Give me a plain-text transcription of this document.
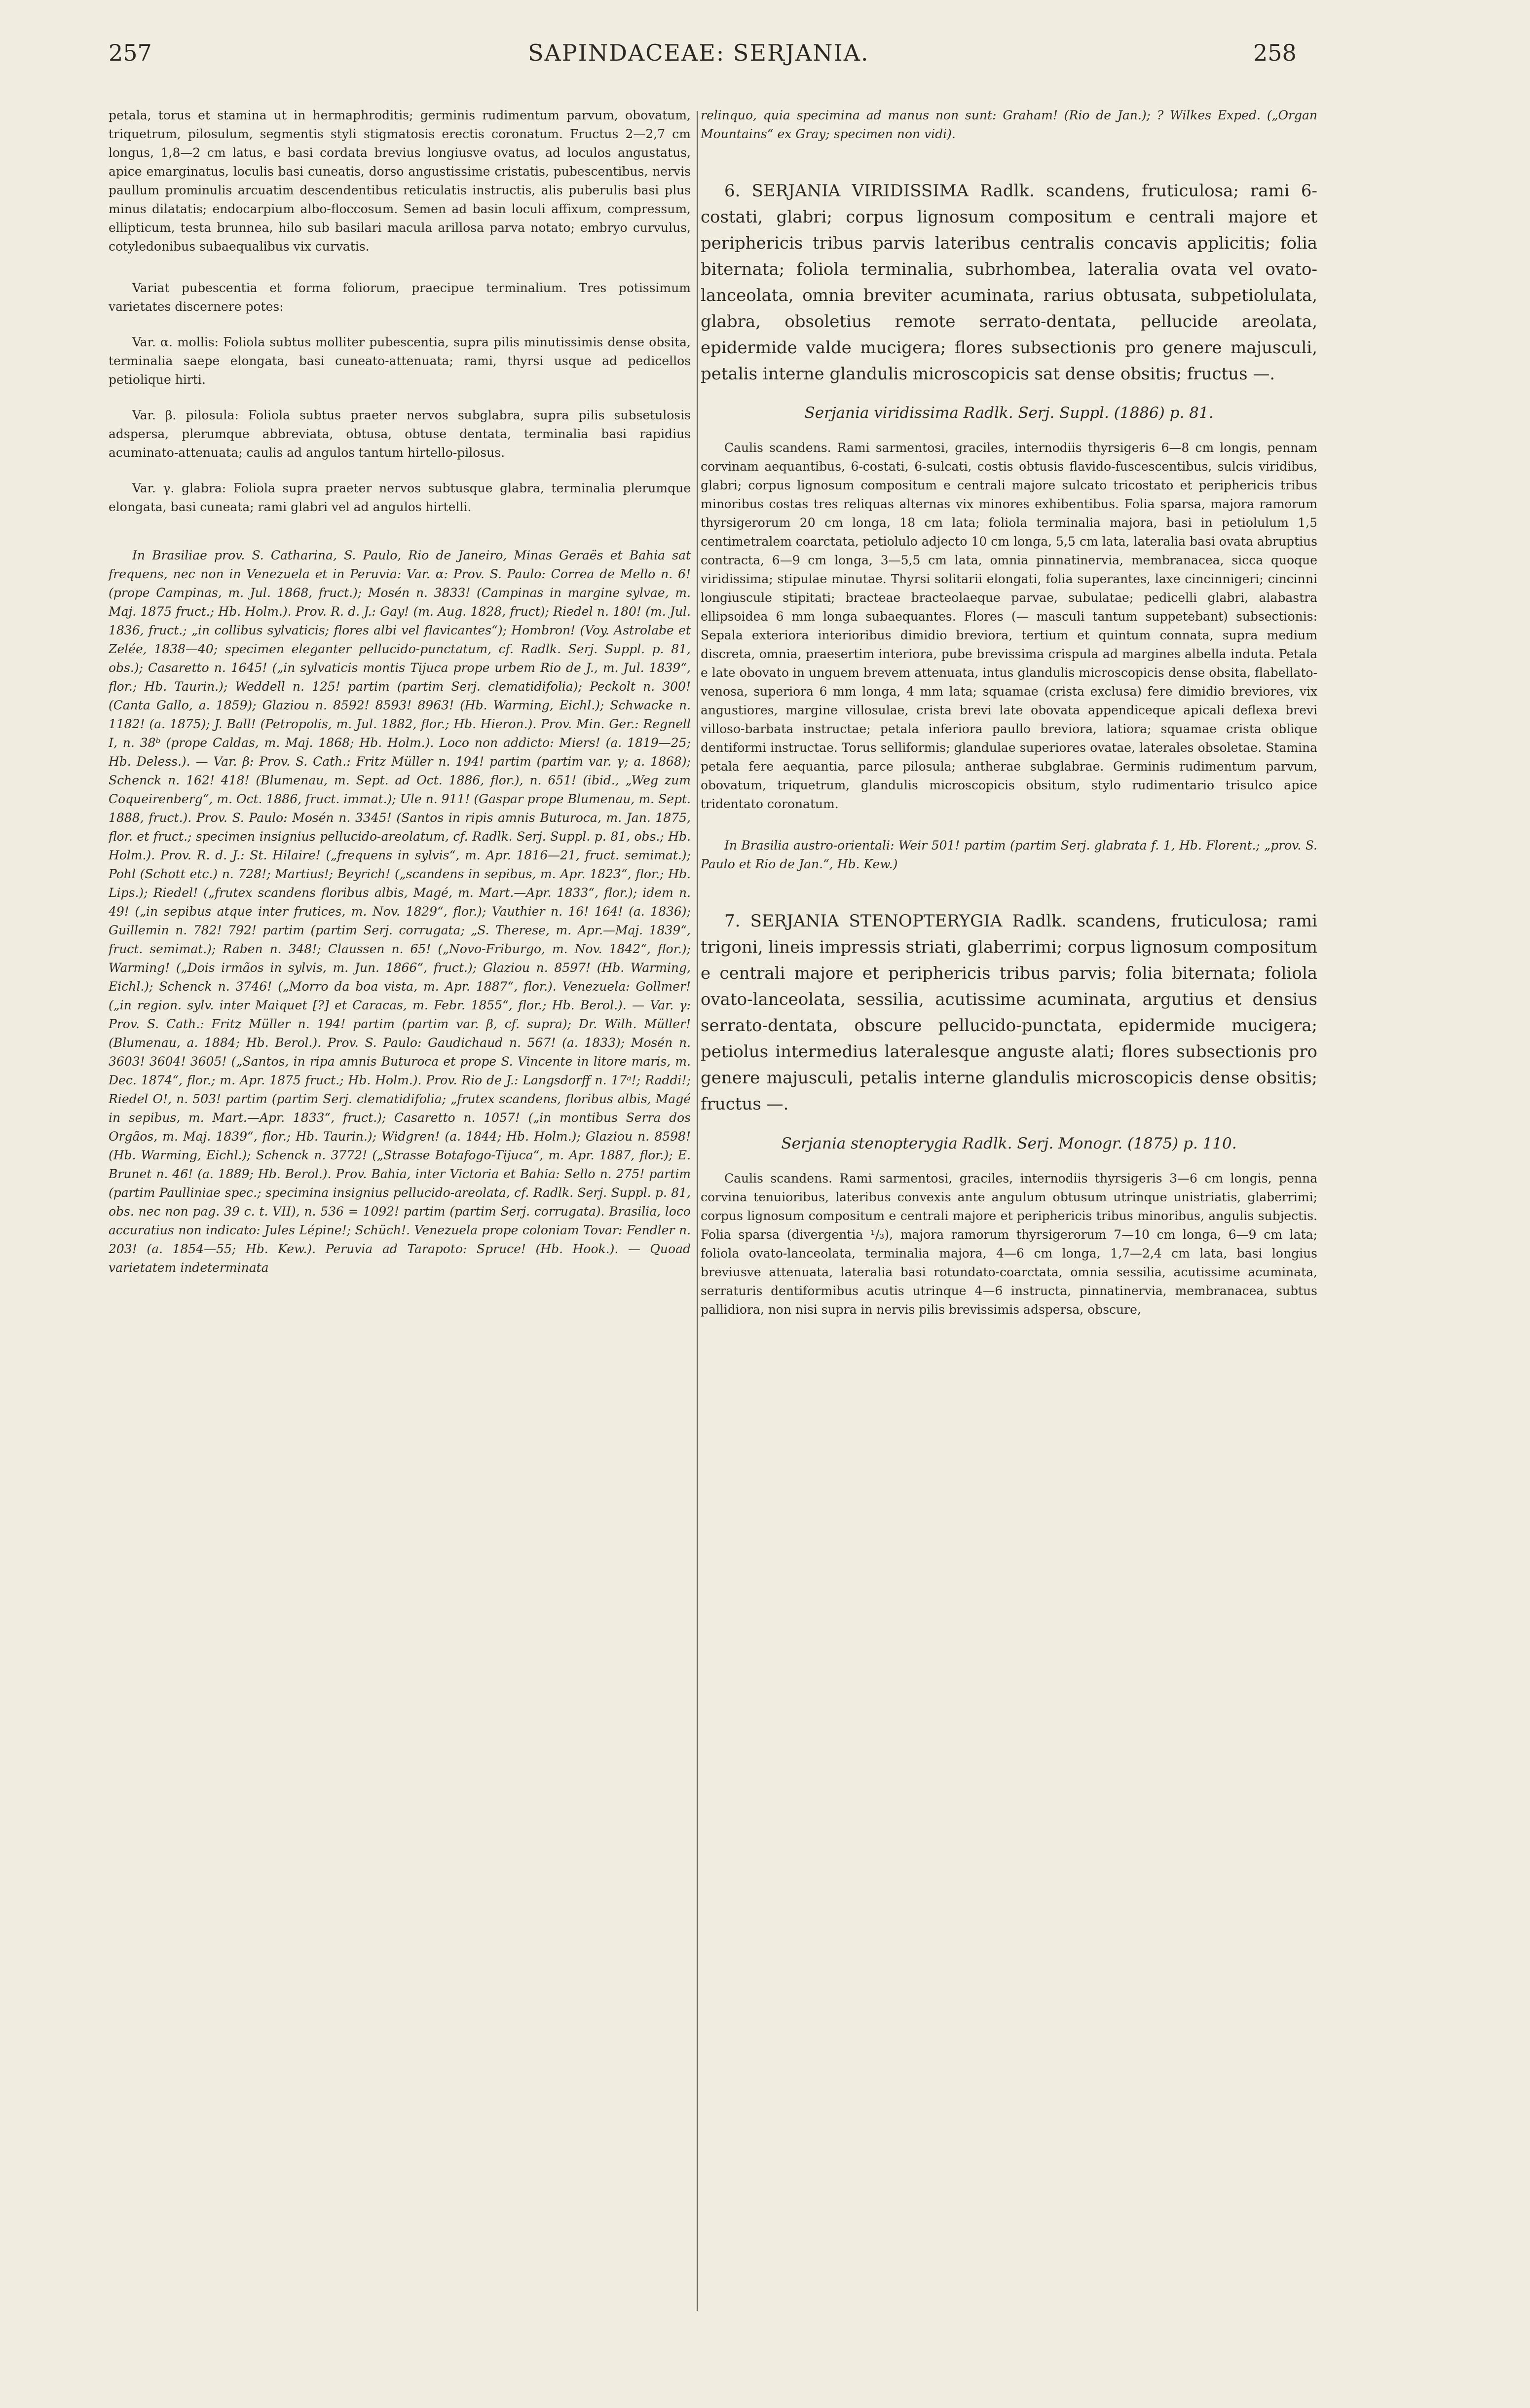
257	SAPINDACEAE: SERJANIA.	258

petala, torus et stamina ut in hermaphroditis; germinis rudimentum parvum, obovatum, triquetrum, pilosulum, segmentis styli stigmatosis erectis coronatum. Fructus 2—2,7 cm longus, 1,8—2 cm latus, e basi cordata brevius longiusve ovatus, ad loculos angustatus, apice emarginatus, loculis basi cuneatis, dorso angustissime cristatis, pubescentibus, nervis paullum prominulis arcuatim descendentibus reticulatis instructis, alis puberulis basi plus minus dilatatis; endocarpium albo-floccosum. Semen ad basin loculi affixum, compressum, ellipticum, testa brunnea, hilo sub basilari macula arillosa parva notato; embryo curvulus, cotyledonibus subaequalibus vix curvatis.

Variat pubescentia et forma foliorum, praecipue terminalium. Tres potissimum varietates discernere potes:

Var. α. mollis: Foliola subtus molliter pubescentia, supra pilis minutissimis dense obsita, terminalia saepe elongata, basi cuneato-attenuata; rami, thyrsi usque ad pedicellos petiolique hirti.

Var. β. pilosula: Foliola subtus praeter nervos subglabra, supra pilis subsetulosis adspersa, plerumque abbreviata, obtusa, obtuse dentata, terminalia basi rapidius acuminato-attenuata; caulis ad angulos tantum hirtello-pilosus.

Var. γ. glabra: Foliola supra praeter nervos subtusque glabra, terminalia plerumque elongata, basi cuneata; rami glabri vel ad angulos hirtelli.

In Brasiliae prov. S. Catharina, S. Paulo, Rio de Janeiro, Minas Geraës et Bahia sat frequens, nec non in Venezuela et in Peruvia: Var. α: Prov. S. Paulo: Correa de Mello n. 6! (prope Campinas, m. Jul. 1868, fruct.); Mosén n. 3833! (Campinas in margine sylvae, m. Maj. 1875 fruct.; Hb. Holm.). Prov. R. d. J.: Gay! (m. Aug. 1828, fruct); Riedel n. 180! (m. Jul. 1836, fruct.; „in collibus sylvaticis; flores albi vel flavicantes“); Hombron! (Voy. Astrolabe et Zelée, 1838—40; specimen eleganter pellucido-punctatum, cf. Radlk. Serj. Suppl. p. 81, obs.); Casaretto n. 1645! („in sylvaticis montis Tijuca prope urbem Rio de J., m. Jul. 1839“, flor.; Hb. Taurin.); Weddell n. 125! partim (partim Serj. clematidifolia); Peckolt n. 300! (Canta Gallo, a. 1859); Glaziou n. 8592! 8593! 8963! (Hb. Warming, Eichl.); Schwacke n. 1182! (a. 1875); J. Ball! (Petropolis, m. Jul. 1882, flor.; Hb. Hieron.). Prov. Min. Ger.: Regnell I, n. 38ᵇ (prope Caldas, m. Maj. 1868; Hb. Holm.). Loco non addicto: Miers! (a. 1819—25; Hb. Deless.). — Var. β: Prov. S. Cath.: Fritz Müller n. 194! partim (partim var. γ; a. 1868); Schenck n. 162! 418! (Blumenau, m. Sept. ad Oct. 1886, flor.), n. 651! (ibid., „Weg zum Coqueirenberg“, m. Oct. 1886, fruct. immat.); Ule n. 911! (Gaspar prope Blumenau, m. Sept. 1888, fruct.). Prov. S. Paulo: Mosén n. 3345! (Santos in ripis amnis Buturoca, m. Jan. 1875, flor. et fruct.; specimen insignius pellucido-areolatum, cf. Radlk. Serj. Suppl. p. 81, obs.; Hb. Holm.). Prov. R. d. J.: St. Hilaire! („frequens in sylvis“, m. Apr. 1816—21, fruct. semimat.); Pohl (Schott etc.) n. 728!; Martius!; Beyrich! („scandens in sepibus, m. Apr. 1823“, flor.; Hb. Lips.); Riedel! („frutex scandens floribus albis, Magé, m. Mart.—Apr. 1833“, flor.); idem n. 49! („in sepibus atque inter frutices, m. Nov. 1829“, flor.); Vauthier n. 16! 164! (a. 1836); Guillemin n. 782! 792! partim (partim Serj. corrugata; „S. Therese, m. Apr.—Maj. 1839“, fruct. semimat.); Raben n. 348!; Claussen n. 65! („Novo-Friburgo, m. Nov. 1842“, flor.); Warming! („Dois irmãos in sylvis, m. Jun. 1866“, fruct.); Glaziou n. 8597! (Hb. Warming, Eichl.); Schenck n. 3746! („Morro da boa vista, m. Apr. 1887“, flor.). Venezuela: Gollmer! („in region. sylv. inter Maiquet [?] et Caracas, m. Febr. 1855“, flor.; Hb. Berol.). — Var. γ: Prov. S. Cath.: Fritz Müller n. 194! partim (partim var. β, cf. supra); Dr. Wilh. Müller! (Blumenau, a. 1884; Hb. Berol.). Prov. S. Paulo: Gaudichaud n. 567! (a. 1833); Mosén n. 3603! 3604! 3605! („Santos, in ripa amnis Buturoca et prope S. Vincente in litore maris, m. Dec. 1874“, flor.; m. Apr. 1875 fruct.; Hb. Holm.). Prov. Rio de J.: Langsdorff n. 17ᵃ!; Raddi!; Riedel O!, n. 503! partim (partim Serj. clematidifolia; „frutex scandens, floribus albis, Magé in sepibus, m. Mart.—Apr. 1833“, fruct.); Casaretto n. 1057! („in montibus Serra dos Orgãos, m. Maj. 1839“, flor.; Hb. Taurin.); Widgren! (a. 1844; Hb. Holm.); Glaziou n. 8598! (Hb. Warming, Eichl.); Schenck n. 3772! („Strasse Botafogo-Tijuca“, m. Apr. 1887, flor.); E. Brunet n. 46! (a. 1889; Hb. Berol.). Prov. Bahia, inter Victoria et Bahia: Sello n. 275! partim (partim Paulliniae spec.; specimina insignius pellucido-areolata, cf. Radlk. Serj. Suppl. p. 81, obs. nec non pag. 39 c. t. VII), n. 536 = 1092! partim (partim Serj. corrugata). Brasilia, loco accuratius non indicato: Jules Lépine!; Schüch!. Venezuela prope coloniam Tovar: Fendler n. 203! (a. 1854—55; Hb. Kew.). Peruvia ad Tarapoto: Spruce! (Hb. Hook.). — Quoad varietatem indeterminata

relinquo, quia specimina ad manus non sunt: Graham! (Rio de Jan.); ? Wilkes Exped. („Organ Mountains“ ex Gray; specimen non vidi).

6. SERJANIA VIRIDISSIMA Radlk. scandens, fruticulosa; rami 6-costati, glabri; corpus lignosum compositum e centrali majore et periphericis tribus parvis lateribus centralis concavis applicitis; folia biternata; foliola terminalia, subrhombea, lateralia ovata vel ovato-lanceolata, omnia breviter acuminata, rarius obtusata, subpetiolulata, glabra, obsoletius remote serrato-dentata, pellucide areolata, epidermide valde mucigera; flores subsectionis pro genere majusculi, petalis interne glandulis microscopicis sat dense obsitis; fructus —.

Serjania viridissima Radlk. Serj. Suppl. (1886) p. 81.

Caulis scandens. Rami sarmentosi, graciles, internodiis thyrsigeris 6—8 cm longis, pennam corvinam aequantibus, 6-costati, 6-sulcati, costis obtusis flavido-fuscescentibus, sulcis viridibus, glabri; corpus lignosum compositum e centrali majore sulcato tricostato et periphericis tribus minoribus costas tres reliquas alternas vix minores exhibentibus. Folia sparsa, majora ramorum thyrsigerorum 20 cm longa, 18 cm lata; foliola terminalia majora, basi in petiolulum 1,5 centimetralem coarctata, petiolulo adjecto 10 cm longa, 5,5 cm lata, lateralia basi ovata abruptius contracta, 6—9 cm longa, 3—5,5 cm lata, omnia pinnatinervia, membranacea, sicca quoque viridissima; stipulae minutae. Thyrsi solitarii elongati, folia superantes, laxe cincinnigeri; cincinni longiuscule stipitati; bracteae bracteolaeque parvae, subulatae; pedicelli glabri, alabastra ellipsoidea 6 mm longa subaequantes. Flores (— masculi tantum suppetebant) subsectionis: Sepala exteriora interioribus dimidio breviora, tertium et quintum connata, supra medium discreta, omnia, praesertim interiora, pube brevissima crispula ad margines albella induta. Petala e late obovato in unguem brevem attenuata, intus glandulis microscopicis dense obsita, flabellato-venosa, superiora 6 mm longa, 4 mm lata; squamae (crista exclusa) fere dimidio breviores, vix angustiores, margine villosulae, crista brevi late obovata appendiceque apicali deflexa brevi villoso-barbata instructae; petala inferiora paullo breviora, latiora; squamae crista oblique dentiformi instructae. Torus selliformis; glandulae superiores ovatae, laterales obsoletae. Stamina petala fere aequantia, parce pilosula; antherae subglabrae. Germinis rudimentum parvum, obovatum, triquetrum, glandulis microscopicis obsitum, stylo rudimentario trisulco apice tridentato coronatum.

In Brasilia austro-orientali: Weir 501! partim (partim Serj. glabrata f. 1, Hb. Florent.; „prov. S. Paulo et Rio de Jan.“, Hb. Kew.)

7. SERJANIA STENOPTERYGIA Radlk. scandens, fruticulosa; rami trigoni, lineis impressis striati, glaberrimi; corpus lignosum compositum e centrali majore et periphericis tribus parvis; folia biternata; foliola ovato-lanceolata, sessilia, acutissime acuminata, argutius et densius serrato-dentata, obscure pellucido-punctata, epidermide mucigera; petiolus intermedius lateralesque anguste alati; flores subsectionis pro genere majusculi, petalis interne glandulis microscopicis dense obsitis; fructus —.

Serjania stenopterygia Radlk. Serj. Monogr. (1875) p. 110.

Caulis scandens. Rami sarmentosi, graciles, internodiis thyrsigeris 3—6 cm longis, penna corvina tenuioribus, lateribus convexis ante angulum obtusum utrinque unistriatis, glaberrimi; corpus lignosum compositum e centrali majore et periphericis tribus minoribus, angulis subjectis. Folia sparsa (divergentia ¹/₃), majora ramorum thyrsigerorum 7—10 cm longa, 6—9 cm lata; foliola ovato-lanceolata, terminalia majora, 4—6 cm longa, 1,7—2,4 cm lata, basi longius breviusve attenuata, lateralia basi rotundato-coarctata, omnia sessilia, acutissime acuminata, serraturis dentiformibus acutis utrinque 4—6 instructa, pinnatinervia, membranacea, subtus pallidiora, non nisi supra in nervis pilis brevissimis adspersa, obscure,
